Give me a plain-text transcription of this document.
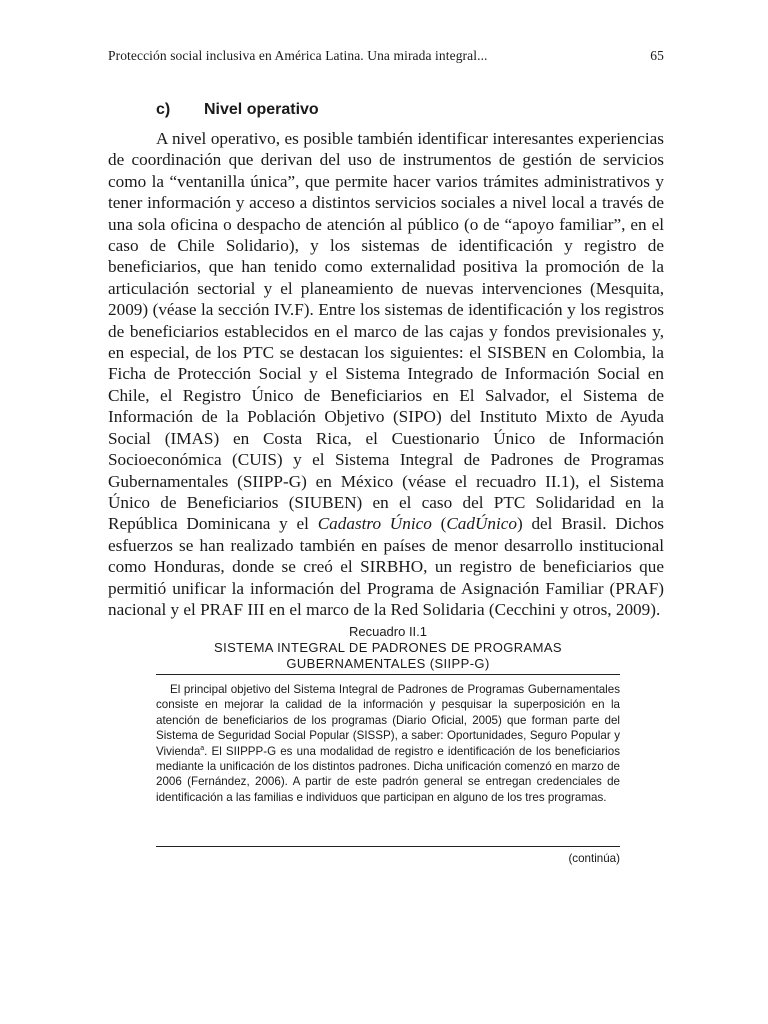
Protección social inclusiva en América Latina. Una mirada integral...	65
c) Nivel operativo

A nivel operativo, es posible también identificar interesantes experiencias de coordinación que derivan del uso de instrumentos de gestión de servicios como la “ventanilla única”, que permite hacer varios trámites administrativos y tener información y acceso a distintos servicios sociales a nivel local a través de una sola oficina o despacho de atención al público (o de “apoyo familiar”, en el caso de Chile Solidario), y los sistemas de identificación y registro de beneficiarios, que han tenido como externalidad positiva la promoción de la articulación sectorial y el planeamiento de nuevas intervenciones (Mesquita, 2009) (véase la sección IV.F). Entre los sistemas de identificación y los registros de beneficiarios establecidos en el marco de las cajas y fondos previsionales y, en especial, de los PTC se destacan los siguientes: el SISBEN en Colombia, la Ficha de Protección Social y el Sistema Integrado de Información Social en Chile, el Registro Único de Beneficiarios en El Salvador, el Sistema de Información de la Población Objetivo (SIPO) del Instituto Mixto de Ayuda Social (IMAS) en Costa Rica, el Cuestionario Único de Información Socioeconómica (CUIS) y el Sistema Integral de Padrones de Programas Gubernamentales (SIIPP-G) en México (véase el recuadro II.1), el Sistema Único de Beneficiarios (SIUBEN) en el caso del PTC Solidaridad en la República Dominicana y el Cadastro Único (CadÚnico) del Brasil. Dichos esfuerzos se han realizado también en países de menor desarrollo institucional como Honduras, donde se creó el SIRBHO, un registro de beneficiarios que permitió unificar la información del Programa de Asignación Familiar (PRAF) nacional y el PRAF III en el marco de la Red Solidaria (Cecchini y otros, 2009).

Recuadro II.1
SISTEMA INTEGRAL DE PADRONES DE PROGRAMAS
GUBERNAMENTALES (SIIPP-G)

El principal objetivo del Sistema Integral de Padrones de Programas Gubernamentales consiste en mejorar la calidad de la información y pesquisar la superposición en la atención de beneficiarios de los programas (Diario Oficial, 2005) que forman parte del Sistema de Seguridad Social Popular (SISSP), a saber: Oportunidades, Seguro Popular y Vivienda$^a$. El SIIPPP-G es una modalidad de registro e identificación de los beneficiarios mediante la unificación de los distintos padrones. Dicha unificación comenzó en marzo de 2006 (Fernández, 2006). A partir de este padrón general se entregan credenciales de identificación a las familias e individuos que participan en alguno de los tres programas.

(continúa)
